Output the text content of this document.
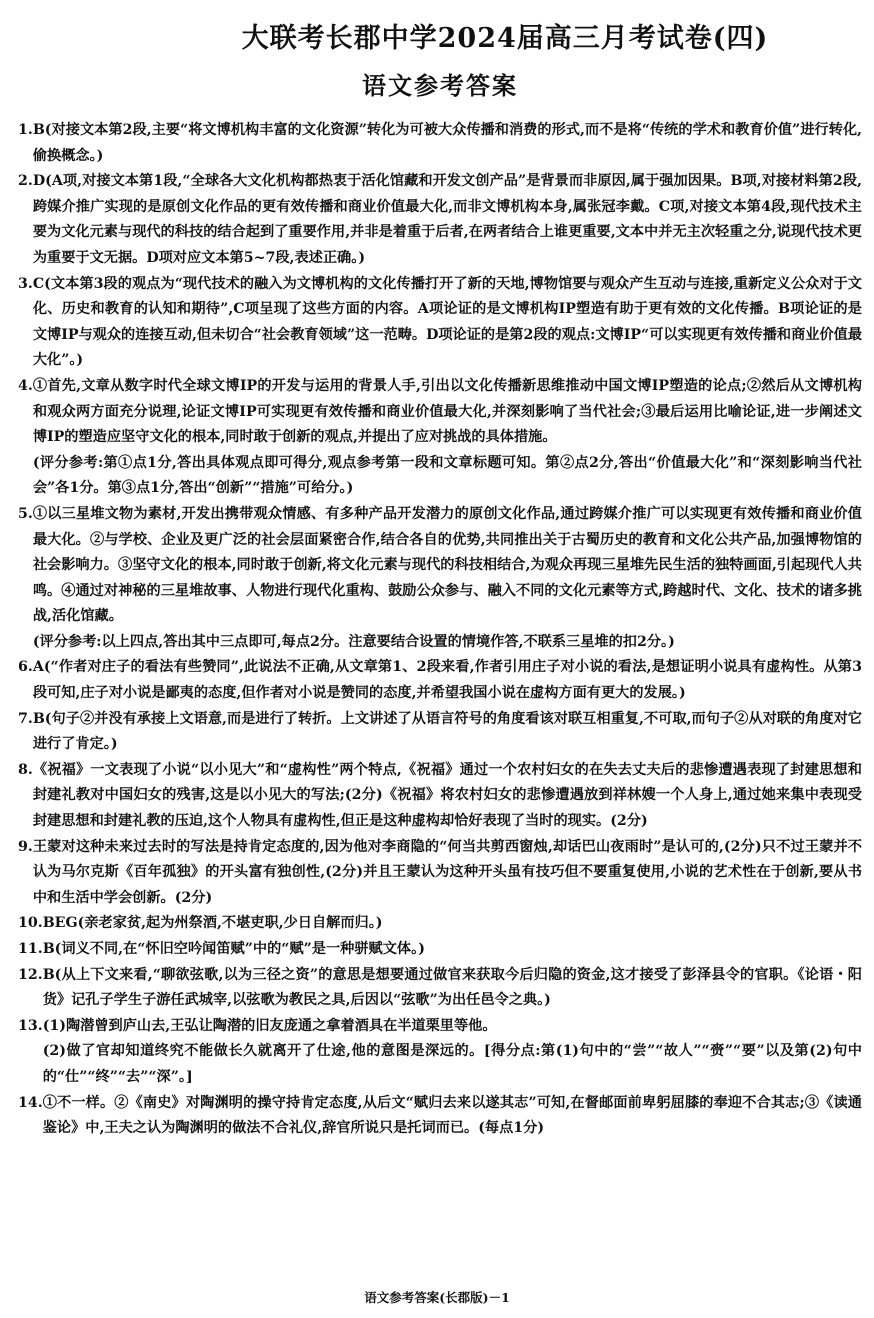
大联考长郡中学2024届高三月考试卷(四)
语文参考答案
1. B(对接文本第2段,主要“将文博机构丰富的文化资源”转化为可被大众传播和消费的形式,而不是将“传统的学术和教育价值”进行转化,偷换概念。)
2. D(A项,对接文本第1段,“全球各大文化机构都热衷于活化馆藏和开发文创产品”是背景而非原因,属于强加因果。B项,对接材料第2段,跨媒介推广实现的是原创文化作品的更有效传播和商业价值最大化,而非文博机构本身,属张冠李戴。C项,对接文本第4段,现代技术主要为文化元素与现代的科技的结合起到了重要作用,并非是着重于后者,在两者结合上谁更重要,文本中并无主次轻重之分,说现代技术更为重要于文无据。D项对应文本第5~7段,表述正确。)
3. C(文本第3段的观点为“现代技术的融入为文博机构的文化传播打开了新的天地,博物馆要与观众产生互动与连接,重新定义公众对于文化、历史和教育的认知和期待”,C项呈现了这些方面的内容。A项论证的是文博机构IP塑造有助于更有效的文化传播。B项论证的是文博IP与观众的连接互动,但未切合“社会教育领域”这一范畴。D项论证的是第2段的观点:文博IP“可以实现更有效传播和商业价值最大化”。)
4. ①首先,文章从数字时代全球文博IP的开发与运用的背景人手,引出以文化传播新思维推动中国文博IP塑造的论点;②然后从文博机构和观众两方面充分说理,论证文博IP可实现更有效传播和商业价值最大化,并深刻影响了当代社会;③最后运用比喻论证,进一步阐述文博IP的塑造应坚守文化的根本,同时敢于创新的观点,并提出了应对挑战的具体措施。
(评分参考:第①点1分,答出具体观点即可得分,观点参考第一段和文章标题可知。第②点2分,答出“价值最大化”和“深刻影响当代社会”各1分。第③点1分,答出“创新”“措施”可给分。)
5. ①以三星堆文物为素材,开发出携带观众情感、有多种产品开发潜力的原创文化作品,通过跨媒介推广可以实现更有效传播和商业价值最大化。②与学校、企业及更广泛的社会层面紧密合作,结合各自的优势,共同推出关于古蜀历史的教育和文化公共产品,加强博物馆的社会影响力。③坚守文化的根本,同时敢于创新,将文化元素与现代的科技相结合,为观众再现三星堆先民生活的独特画面,引起现代人共鸣。④通过对神秘的三星堆故事、人物进行现代化重构、鼓励公众参与、融入不同的文化元素等方式,跨越时代、文化、技术的诸多挑战,活化馆藏。
(评分参考:以上四点,答出其中三点即可,每点2分。注意要结合设置的情境作答,不联系三星堆的扣2分。)
6. A(“作者对庄子的看法有些赞同”,此说法不正确,从文章第1、2段来看,作者引用庄子对小说的看法,是想证明小说具有虚构性。从第3段可知,庄子对小说是鄙夷的态度,但作者对小说是赞同的态度,并希望我国小说在虚构方面有更大的发展。)
7. B(句子②并没有承接上文语意,而是进行了转折。上文讲述了从语言符号的角度看该对联互相重复,不可取,而句子②从对联的角度对它进行了肯定。)
8. 《祝福》一文表现了小说“以小见大”和“虚构性”两个特点,《祝福》通过一个农村妇女的在失去丈夫后的悲惨遭遇表现了封建思想和封建礼教对中国妇女的残害,这是以小见大的写法;(2分)《祝福》将农村妇女的悲惨遭遇放到祥林嫂一个人身上,通过她来集中表现受封建思想和封建礼教的压迫,这个人物具有虚构性,但正是这种虚构却恰好表现了当时的现实。(2分)
9. 王蒙对这种未来过去时的写法是持肯定态度的,因为他对李商隐的“何当共剪西窗烛,却话巴山夜雨时”是认可的,(2分)只不过王蒙并不认为马尔克斯《百年孤独》的开头富有独创性,(2分)并且王蒙认为这种开头虽有技巧但不要重复使用,小说的艺术性在于创新,要从书中和生活中学会创新。(2分)
10. BEG(亲老家贫,起为州祭酒,不堪吏职,少日自解而归。)
11. B(词义不同,在“怀旧空吟闻笛赋”中的“赋”是一种骈赋文体。)
12. B(从上下文来看,“聊欲弦歌,以为三径之资”的意思是想要通过做官来获取今后归隐的资金,这才接受了彭泽县令的官职。《论语・阳货》记孔子学生子游任武城宰,以弦歌为教民之具,后因以“弦歌”为出任邑令之典。)
13. (1)陶潜曾到庐山去,王弘让陶潜的旧友庞通之拿着酒具在半道栗里等他。
(2)做了官却知道终究不能做长久就离开了仕途,他的意图是深远的。[得分点:第(1)句中的“尝”“故人”“赍”“要”以及第(2)句中的“仕”“终”“去”“深”。]
14. ①不一样。②《南史》对陶渊明的操守持肯定态度,从后文“赋归去来以遂其志”可知,在督邮面前卑躬屈膝的奉迎不合其志;③《读通鉴论》中,王夫之认为陶渊明的做法不合礼仪,辞官所说只是托词而已。(每点1分)
语文参考答案(长郡版)－1
